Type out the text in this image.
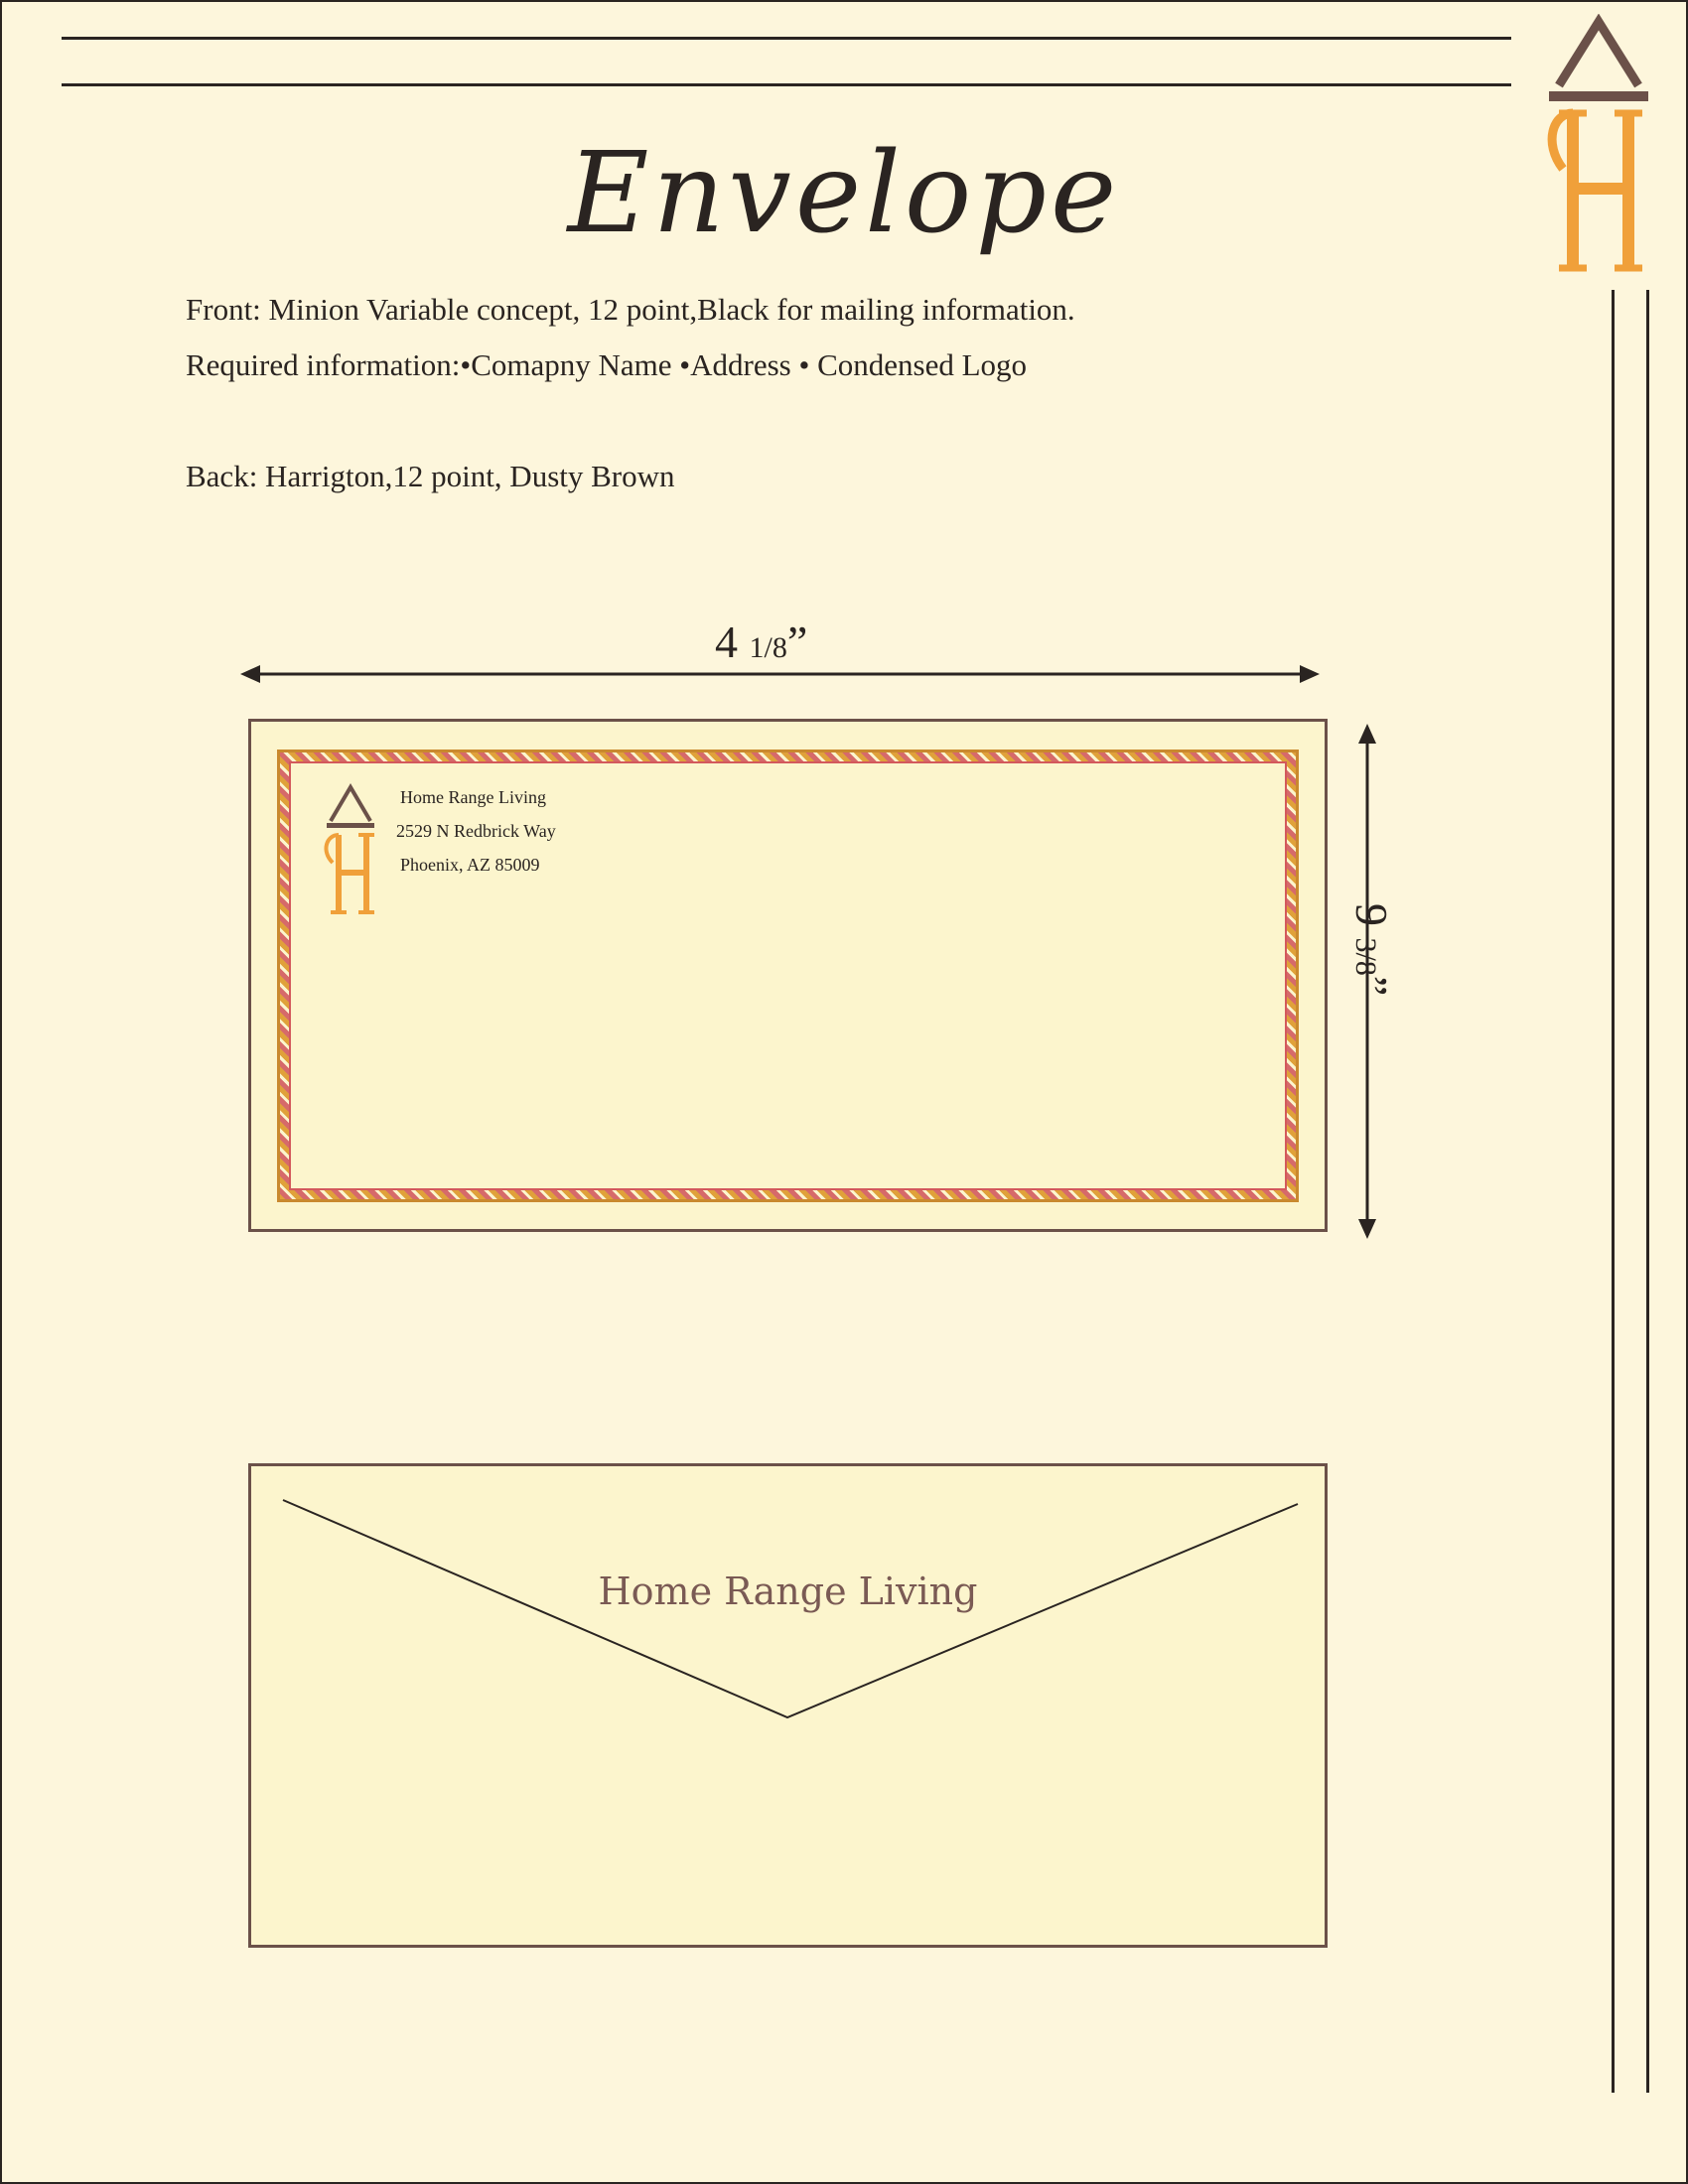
Envelope

Front: Minion Variable concept, 12 point,Black for mailing information.

Required information:•Comapny Name •Address • Condensed Logo

Back: Harrigton,12 point, Dusty Brown

4 1/8”
9 3/8”

Home Range Living

2529 N Redbrick Way

Phoenix, AZ 85009

Home Range Living
